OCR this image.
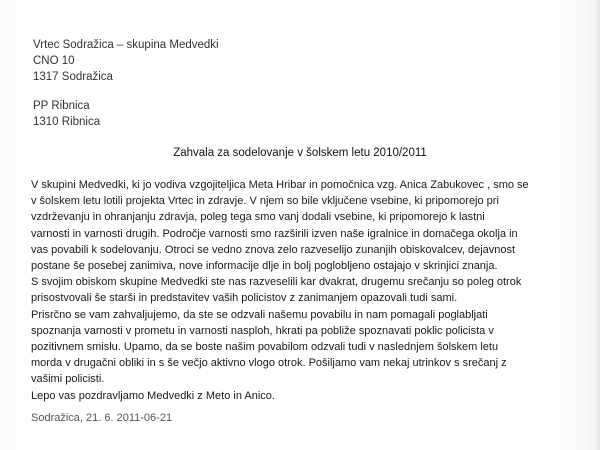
Vrtec Sodražica – skupina Medvedki
CNO 10
1317 Sodražica
PP Ribnica
1310 Ribnica
Zahvala za sodelovanje v šolskem letu 2010/2011
V skupini Medvedki, ki jo vodiva vzgojiteljica Meta Hribar in pomočnica vzg. Anica Zabukovec , smo se
v šolskem letu lotili projekta Vrtec in zdravje. V njem so bile vključene vsebine, ki pripomorejo pri
vzdrževanju in ohranjanju zdravja, poleg tega smo vanj dodali vsebine, ki pripomorejo k lastni
varnosti in varnosti drugih. Področje varnosti smo razširili izven naše igralnice in domačega okolja in
vas povabili k sodelovanju. Otroci se vedno znova zelo razveselijo zunanjih obiskovalcev, dejavnost
postane še posebej zanimiva, nove informacije dlje in bolj poglobljeno ostajajo v skrinjici znanja.
S svojim obiskom skupine Medvedki ste nas razveselili kar dvakrat, drugemu srečanju so poleg otrok
prisostvovali še starši in predstavitev vaših policistov z zanimanjem opazovali tudi sami.
Prisrčno se vam zahvaljujemo, da ste se odzvali našemu povabilu in nam pomagali poglabljati
spoznanja varnosti v prometu in varnosti nasploh, hkrati pa pobliže spoznavati poklic policista v
pozitivnem smislu. Upamo, da se boste našim povabilom odzvali tudi v naslednjem šolskem letu
morda v drugačni obliki in s še večjo aktivno vlogo otrok. Pošiljamo vam nekaj utrinkov s srečanj z
vašimi policisti.
Lepo vas pozdravljamo Medvedki z Meto in Anico.
Sodražica, 21. 6. 2011-06-21
